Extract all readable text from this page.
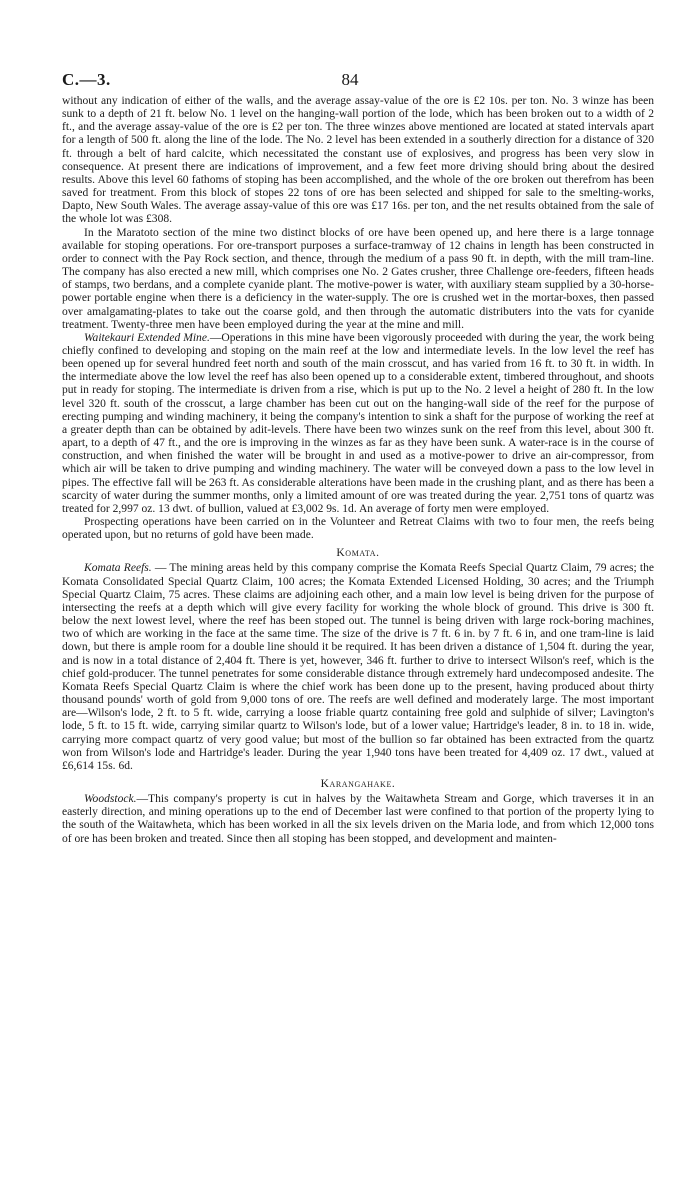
84
C.—3.

without any indication of either of the walls, and the average assay-value of the ore is £2 10s. per ton. No. 3 winze has been sunk to a depth of 21 ft. below No. 1 level on the hanging-wall portion of the lode, which has been broken out to a width of 2 ft., and the average assay-value of the ore is £2 per ton. The three winzes above mentioned are located at stated intervals apart for a length of 500 ft. along the line of the lode. The No. 2 level has been extended in a southerly direction for a distance of 320 ft. through a belt of hard calcite, which necessitated the constant use of explosives, and progress has been very slow in consequence. At present there are indications of improvement, and a few feet more driving should bring about the desired results. Above this level 60 fathoms of stoping has been accomplished, and the whole of the ore broken out therefrom has been saved for treatment. From this block of stopes 22 tons of ore has been selected and shipped for sale to the smelting-works, Dapto, New South Wales. The average assay-value of this ore was £17 16s. per ton, and the net results obtained from the sale of the whole lot was £308.

In the Maratoto section of the mine two distinct blocks of ore have been opened up, and here there is a large tonnage available for stoping operations. For ore-transport purposes a surface-tramway of 12 chains in length has been constructed in order to connect with the Pay Rock section, and thence, through the medium of a pass 90 ft. in depth, with the mill tram-line. The company has also erected a new mill, which comprises one No. 2 Gates crusher, three Challenge ore-feeders, fifteen heads of stamps, two berdans, and a complete cyanide plant. The motive-power is water, with auxiliary steam supplied by a 30-horse-power portable engine when there is a deficiency in the water-supply. The ore is crushed wet in the mortar-boxes, then passed over amalgamating-plates to take out the coarse gold, and then through the automatic distributers into the vats for cyanide treatment. Twenty-three men have been employed during the year at the mine and mill.

Waitekauri Extended Mine.—Operations in this mine have been vigorously proceeded with during the year, the work being chiefly confined to developing and stoping on the main reef at the low and intermediate levels. In the low level the reef has been opened up for several hundred feet north and south of the main crosscut, and has varied from 16 ft. to 30 ft. in width. In the intermediate above the low level the reef has also been opened up to a considerable extent, timbered throughout, and shoots put in ready for stoping. The intermediate is driven from a rise, which is put up to the No. 2 level a height of 280 ft. In the low level 320 ft. south of the crosscut, a large chamber has been cut out on the hanging-wall side of the reef for the purpose of erecting pumping and winding machinery, it being the company's intention to sink a shaft for the purpose of working the reef at a greater depth than can be obtained by adit-levels. There have been two winzes sunk on the reef from this level, about 300 ft. apart, to a depth of 47 ft., and the ore is improving in the winzes as far as they have been sunk. A water-race is in the course of construction, and when finished the water will be brought in and used as a motive-power to drive an air-compressor, from which air will be taken to drive pumping and winding machinery. The water will be conveyed down a pass to the low level in pipes. The effective fall will be 263 ft. As considerable alterations have been made in the crushing plant, and as there has been a scarcity of water during the summer months, only a limited amount of ore was treated during the year. 2,751 tons of quartz was treated for 2,997 oz. 13 dwt. of bullion, valued at £3,002 9s. 1d. An average of forty men were employed.

Prospecting operations have been carried on in the Volunteer and Retreat Claims with two to four men, the reefs being operated upon, but no returns of gold have been made.

Komata.

Komata Reefs. — The mining areas held by this company comprise the Komata Reefs Special Quartz Claim, 79 acres; the Komata Consolidated Special Quartz Claim, 100 acres; the Komata Extended Licensed Holding, 30 acres; and the Triumph Special Quartz Claim, 75 acres. These claims are adjoining each other, and a main low level is being driven for the purpose of intersecting the reefs at a depth which will give every facility for working the whole block of ground. This drive is 300 ft. below the next lowest level, where the reef has been stoped out. The tunnel is being driven with large rock-boring machines, two of which are working in the face at the same time. The size of the drive is 7 ft. 6 in. by 7 ft. 6 in, and one tram-line is laid down, but there is ample room for a double line should it be required. It has been driven a distance of 1,504 ft. during the year, and is now in a total distance of 2,404 ft. There is yet, however, 346 ft. further to drive to intersect Wilson's reef, which is the chief gold-producer. The tunnel penetrates for some considerable distance through extremely hard undecomposed andesite. The Komata Reefs Special Quartz Claim is where the chief work has been done up to the present, having produced about thirty thousand pounds' worth of gold from 9,000 tons of ore. The reefs are well defined and moderately large. The most important are—Wilson's lode, 2 ft. to 5 ft. wide, carrying a loose friable quartz containing free gold and sulphide of silver; Lavington's lode, 5 ft. to 15 ft. wide, carrying similar quartz to Wilson's lode, but of a lower value; Hartridge's leader, 8 in. to 18 in. wide, carrying more compact quartz of very good value; but most of the bullion so far obtained has been extracted from the quartz won from Wilson's lode and Hartridge's leader. During the year 1,940 tons have been treated for 4,409 oz. 17 dwt., valued at £6,614 15s. 6d.

Karangahake.

Woodstock.—This company's property is cut in halves by the Waitawheta Stream and Gorge, which traverses it in an easterly direction, and mining operations up to the end of December last were confined to that portion of the property lying to the south of the Waitawheta, which has been worked in all the six levels driven on the Maria lode, and from which 12,000 tons of ore has been broken and treated. Since then all stoping has been stopped, and development and mainten-
